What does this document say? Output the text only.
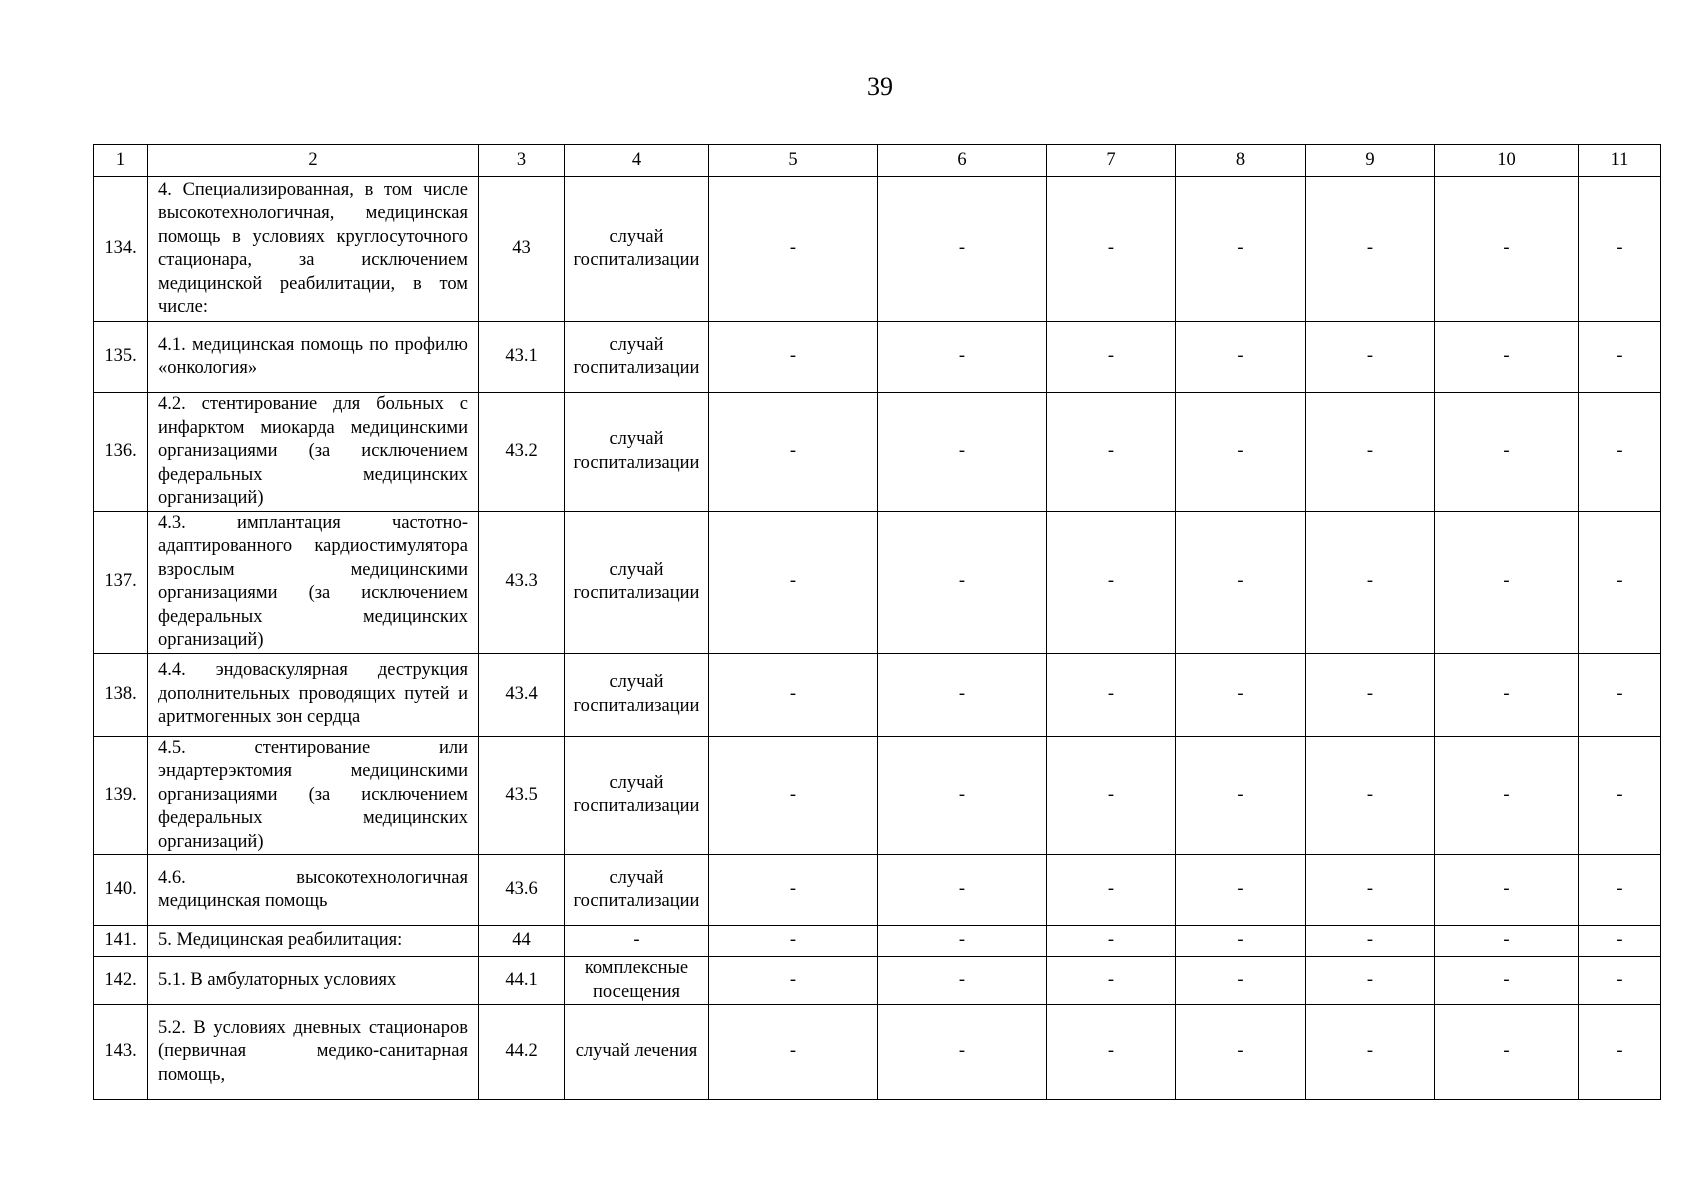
39
1	2	3	4	5	6	7	8	9	10	11
134.	4. Специализированная, в том числе высокотехнологичная, медицинская помощь в условиях круглосуточного стационара, за исключением медицинской реабилитации, в том числе:	43	случай госпитализации	-	-	-	-	-	-	-
135.	4.1. медицинская помощь по профилю «онкология»	43.1	случай госпитализации	-	-	-	-	-	-	-
136.	4.2. стентирование для больных с инфарктом миокарда медицинскими организациями (за исключением федеральных медицинских организаций)	43.2	случай госпитализации	-	-	-	-	-	-	-
137.	4.3. имплантация частотно-адаптированного кардиостимулятора взрослым медицинскими организациями (за исключением федеральных медицинских организаций)	43.3	случай госпитализации	-	-	-	-	-	-	-
138.	4.4. эндоваскулярная деструкция дополнительных проводящих путей и аритмогенных зон сердца	43.4	случай госпитализации	-	-	-	-	-	-	-
139.	4.5. стентирование или эндартерэктомия медицинскими организациями (за исключением федеральных медицинских организаций)	43.5	случай госпитализации	-	-	-	-	-	-	-
140.	4.6. высокотехнологичная медицинская помощь	43.6	случай госпитализации	-	-	-	-	-	-	-
141.	5. Медицинская реабилитация:	44	-	-	-	-	-	-	-	-
142.	5.1. В амбулаторных условиях	44.1	комплексные посещения	-	-	-	-	-	-	-
143.	5.2. В условиях дневных стационаров (первичная медико-санитарная помощь,	44.2	случай лечения	-	-	-	-	-	-	-
